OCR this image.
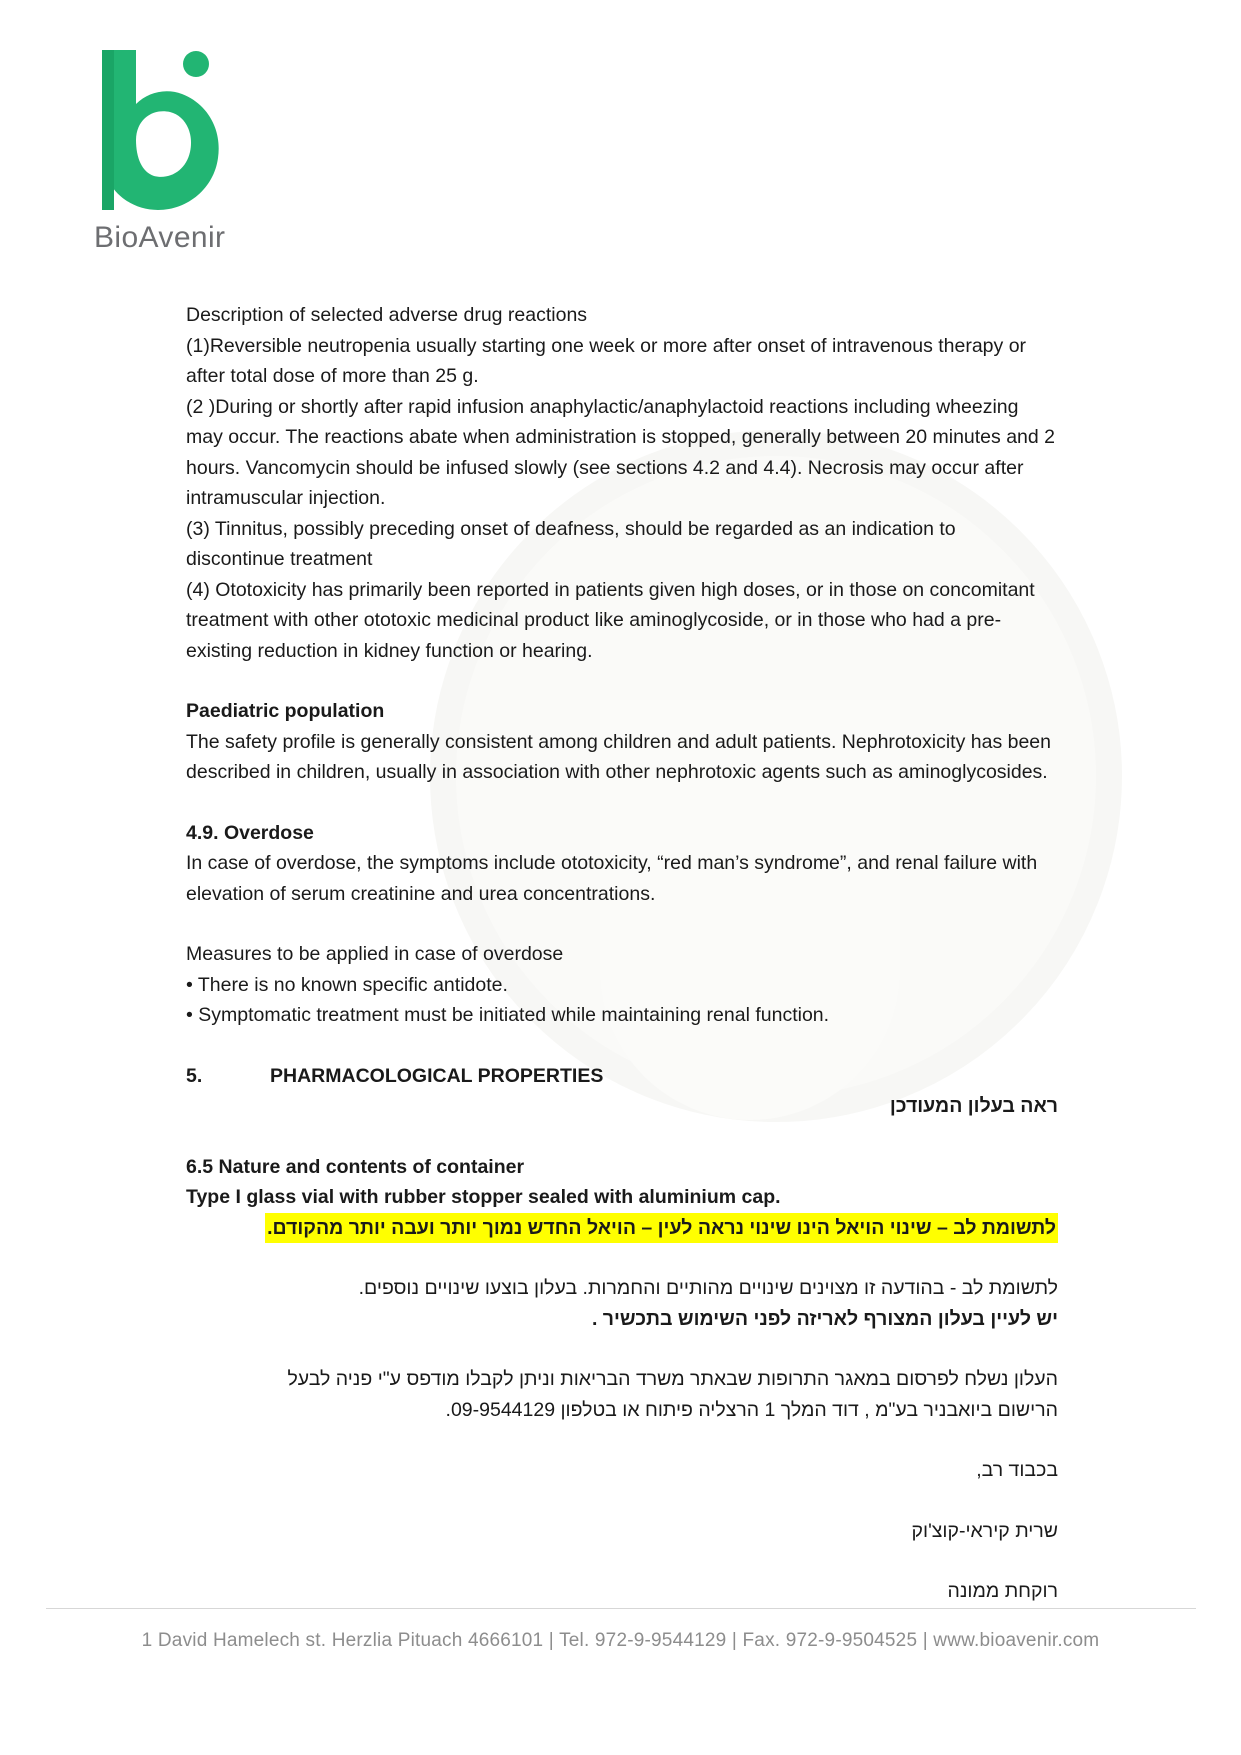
BioAvenir

Description of selected adverse drug reactions

(1)Reversible neutropenia usually starting one week or more after onset of intravenous therapy or after total dose of more than 25 g.

(2 )During or shortly after rapid infusion anaphylactic/anaphylactoid reactions including wheezing may occur. The reactions abate when administration is stopped, generally between 20 minutes and 2 hours. Vancomycin should be infused slowly (see sections 4.2 and 4.4). Necrosis may occur after intramuscular injection.

(3) Tinnitus, possibly preceding onset of deafness, should be regarded as an indication to discontinue treatment

(4) Ototoxicity has primarily been reported in patients given high doses, or in those on concomitant treatment with other ototoxic medicinal product like aminoglycoside, or in those who had a pre-existing reduction in kidney function or hearing.

Paediatric population

The safety profile is generally consistent among children and adult patients. Nephrotoxicity has been described in children, usually in association with other nephrotoxic agents such as aminoglycosides.

4.9. Overdose

In case of overdose, the symptoms include ototoxicity, “red man’s syndrome”, and renal failure with elevation of serum creatinine and urea concentrations.

Measures to be applied in case of overdose

• There is no known specific antidote.

• Symptomatic treatment must be initiated while maintaining renal function.

5.	PHARMACOLOGICAL PROPERTIES

ראה בעלון המעודכן

6.5 Nature and contents of container

Type I glass vial with rubber stopper sealed with aluminium cap.

לתשומת לב – שינוי הויאל הינו שינוי נראה לעין – הויאל החדש נמוך יותר ועבה יותר מהקודם.

לתשומת לב - בהודעה זו מצוינים שינויים מהותיים והחמרות. בעלון בוצעו שינויים נוספים.

יש לעיין בעלון המצורף לאריזה לפני השימוש בתכשיר .

העלון נשלח לפרסום במאגר התרופות שבאתר משרד הבריאות וניתן לקבלו מודפס ע"י פניה לבעל

הרישום ביואבניר בע"מ , דוד המלך 1 הרצליה פיתוח או בטלפון 09-9544129.

בכבוד רב,

שרית קיראי-קוצ'וק

רוקחת ממונה

1 David Hamelech st. Herzlia Pituach 4666101 | Tel. 972-9-9544129 | Fax. 972-9-9504525 | www.bioavenir.com
